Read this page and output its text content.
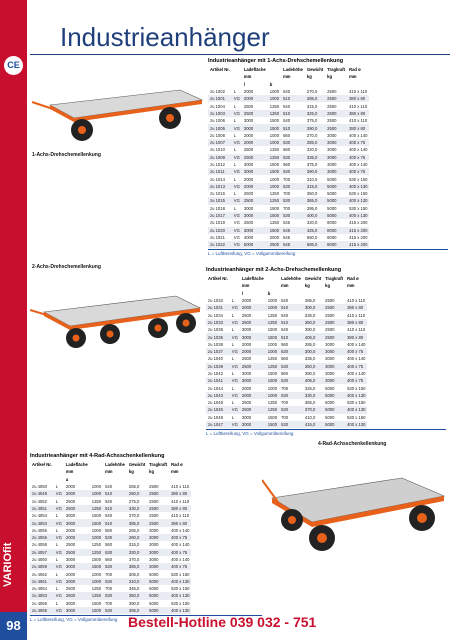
CE
VARIOfit
98
Industrieanhänger
1-Achs-Drehschemellenkung
2-Achs-Drehschemellenkung
4-Rad-Achsschenkellenkung
Industrieanhänger mit 1-Achs-Drehschemellenkung
Artikel Nr.		Ladefläche		Ladehöhe	Gewicht	Tragkraft	Rad ø
		mm		mm	kg	kg	mm
		l	b				
zu 1002	L	2000	1000	540	270,0	2500	410 x 110
zu 1001	VG	2000	1000	510	285,0	2500	380 x 80
zu 1004	L	2500	1250	540	315,0	2500	410 x 110
zu 1003	VG	2500	1250	510	325,0	2500	380 x 80
zu 1006	L	3000	1500	540	375,0	2500	410 x 110
zu 1005	VG	3000	1500	510	390,0	2500	380 x 80
zu 1008	L	2000	1000	560	270,0	3000	400 x 140
zu 1007	VG	2000	1000	530	285,0	3000	400 x 75
zu 1010	L	2500	1250	560	320,0	3000	400 x 140
zu 1009	VG	2500	1250	530	335,0	3000	400 x 75
zu 1012	L	3000	1500	560	375,0	3000	400 x 140
zu 1011	VG	3000	1500	530	390,0	3000	400 x 75
zu 1014	L	2000	1000	700	310,0	5000	530 x 150
zu 1013	VG	2000	1000	530	315,0	5000	400 x 130
zu 1016	L	2500	1250	700	350,0	5000	530 x 150
zu 1015	VG	2500	1250	530	365,0	5000	400 x 130
zu 1018	L	3000	1500	700	395,0	5000	530 x 150
zu 1017	VG	3000	1500	530	400,0	5000	400 x 130
zu 1019	VG	2500	1250	545	320,0	8000	415 x 200
zu 1020	VG	3000	1500	545	425,0	8000	415 x 200
zu 1021	VG	4000	2000	545	560,0	8000	415 x 200
zu 1022	VG	5000	2500	545	585,0	8000	415 x 200
L = Luftbereifung, VG = Vollgummibereifung
Industrieanhänger mit 2-Achs-Drehschemellenkung
Artikel Nr.		Ladefläche		Ladehöhe	Gewicht	Tragkraft	Rad ø
		mm		mm	kg	kg	mm
		l	b				
zu 1032	L	2000	1000	540	285,0	2500	410 x 110
zu 1031	VG	2000	1000	510	300,0	2500	380 x 80
zu 1034	L	2500	1250	540	335,0	2500	410 x 110
zu 1033	VG	2500	1250	510	350,0	2500	380 x 80
zu 1036	L	3000	1500	540	390,0	2500	410 x 110
zu 1035	VG	3000	1500	510	405,0	2500	380 x 80
zu 1038	L	2000	1000	560	285,0	3000	400 x 140
zu 1037	VG	2000	1000	530	300,0	3000	400 x 75
zu 1040	L	2500	1250	560	335,0	3000	400 x 140
zu 1039	VG	2500	1250	530	350,0	3000	400 x 75
zu 1042	L	3000	1500	560	390,0	3000	400 x 140
zu 1041	VG	3000	1500	530	405,0	3000	400 x 75
zu 1044	L	2000	1000	700	325,0	5000	530 x 150
zu 1043	VG	2000	1000	530	330,0	5000	400 x 130
zu 1046	L	2500	1250	700	365,0	5000	530 x 150
zu 1045	VG	2500	1250	530	370,0	5000	400 x 130
zu 1048	L	3000	1500	700	410,0	5000	530 x 150
zu 1047	VG	3000	1500	530	415,0	5000	400 x 130
L = Luftbereifung, VG = Vollgummibereifung
Industrieanhänger mit 4-Rad-Achsschenkellenkung
Artikel Nr.		Ladefläche		Ladehöhe	Gewicht	Tragkraft	Rad ø
		mm		mm	kg	kg	mm
		a					
zu 4050	L	2000	1000	540	265,0	2500	410 x 110
zu 4049	VG	2000	1000	510	280,0	2500	380 x 80
zu 4052	L	2500	1250	540	275,0	2500	410 x 110
zu 4051	VG	2500	1250	510	330,0	2500	380 x 80
zu 4054	L	3000	1500	540	370,0	2500	410 x 110
zu 4053	VG	3000	1500	510	385,0	2500	380 x 80
zu 4056	L	2000	1000	560	265,0	3000	400 x 140
zu 4055	VG	2000	1000	530	280,0	3000	400 x 75
zu 4058	L	2500	1250	560	315,0	3000	400 x 140
zu 4057	VG	2500	1250	530	330,0	3000	400 x 75
zu 4060	L	3000	1500	560	370,0	3000	400 x 140
zu 4059	VG	3000	1500	530	385,0	3000	400 x 75
zu 4062	L	2000	1000	700	305,0	5000	530 x 150
zu 4061	VG	2000	1000	530	310,0	5000	400 x 130
zu 4064	L	2500	1250	700	345,0	5000	530 x 150
zu 4063	VG	2500	1250	530	350,0	5000	400 x 130
zu 4066	L	3000	1500	700	390,0	5000	530 x 150
zu 4065	VG	3000	1500	530	395,0	5000	400 x 130
L = Luftbereifung, VG = Vollgummibereifung Bestell-Hotline 039 032 - 751
